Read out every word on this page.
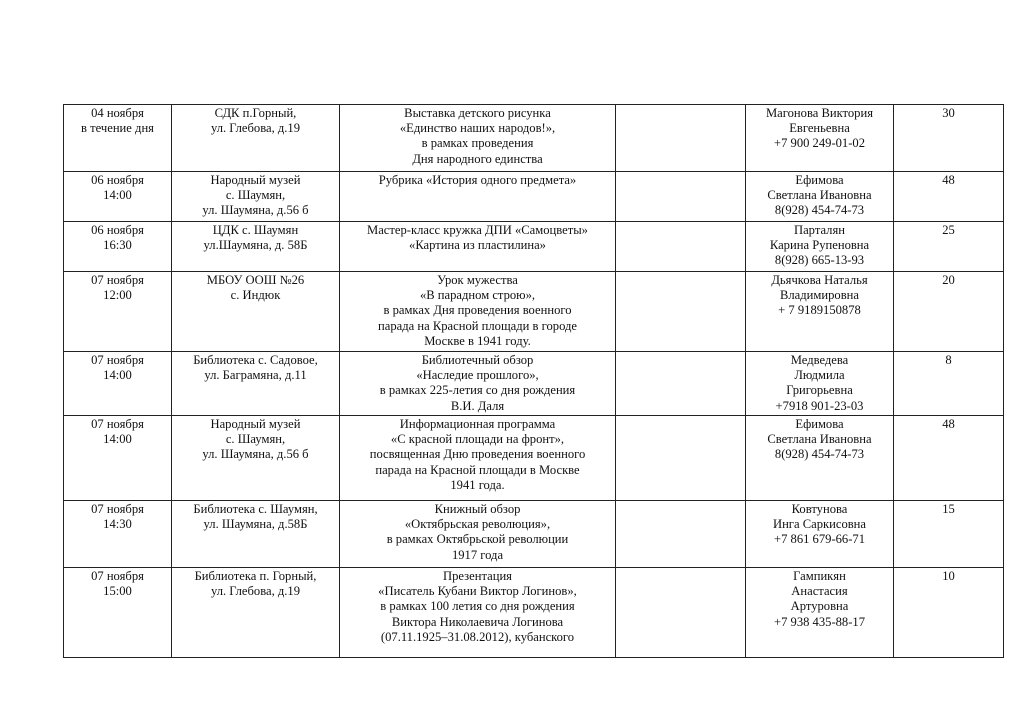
04 ноября
в течение дня	СДК п.Горный,
ул. Глебова, д.19	Выставка детского рисунка
«Единство наших народов!»,
в рамках проведения
Дня народного единства		Магонова Виктория
Евгеньевна
+7 900 249-01-02	30

06 ноября
14:00	Народный музей
с. Шаумян,
ул. Шаумяна, д.56 б	Рубрика «История одного предмета»		Ефимова
Светлана Ивановна
8(928) 454-74-73	48

06 ноября
16:30	ЦДК с. Шаумян
ул.Шаумяна, д. 58Б	Мастер-класс кружка ДПИ «Самоцветы»
«Картина из пластилина»		Парталян
Карина Рупеновна
8(928) 665-13-93	25

07 ноября
12:00	МБОУ ООШ №26
с. Индюк	Урок мужества
«В парадном строю»,
в рамках Дня проведения военного
парада на Красной площади в городе
Москве в 1941 году.		Дьячкова Наталья
Владимировна
+ 7 9189150878	20

07 ноября
14:00	Библиотека с. Садовое,
ул. Баграмяна, д.11	Библиотечный обзор
«Наследие прошлого»,
в рамках 225-летия со дня рождения
В.И. Даля		Медведева
Людмила
Григорьевна
+7918 901-23-03	8

07 ноября
14:00	Народный музей
с. Шаумян,
ул. Шаумяна, д.56 б	Информационная программа
«С красной площади на фронт»,
посвященная Дню проведения военного
парада на Красной площади в Москве
1941 года.		Ефимова
Светлана Ивановна
8(928) 454-74-73	48

07 ноября
14:30	Библиотека с. Шаумян,
ул. Шаумяна, д.58Б	Книжный обзор
«Октябрьская революция»,
в рамках Октябрьской революции
1917 года		Ковтунова
Инга Саркисовна
+7 861 679-66-71	15

07 ноября
15:00	Библиотека п. Горный,
ул. Глебова, д.19	Презентация
«Писатель Кубани Виктор Логинов»,
в рамках 100 летия со дня рождения
Виктора Николаевича Логинова
(07.11.1925–31.08.2012), кубанского		Гампикян
Анастасия
Артуровна
+7 938 435-88-17	10
